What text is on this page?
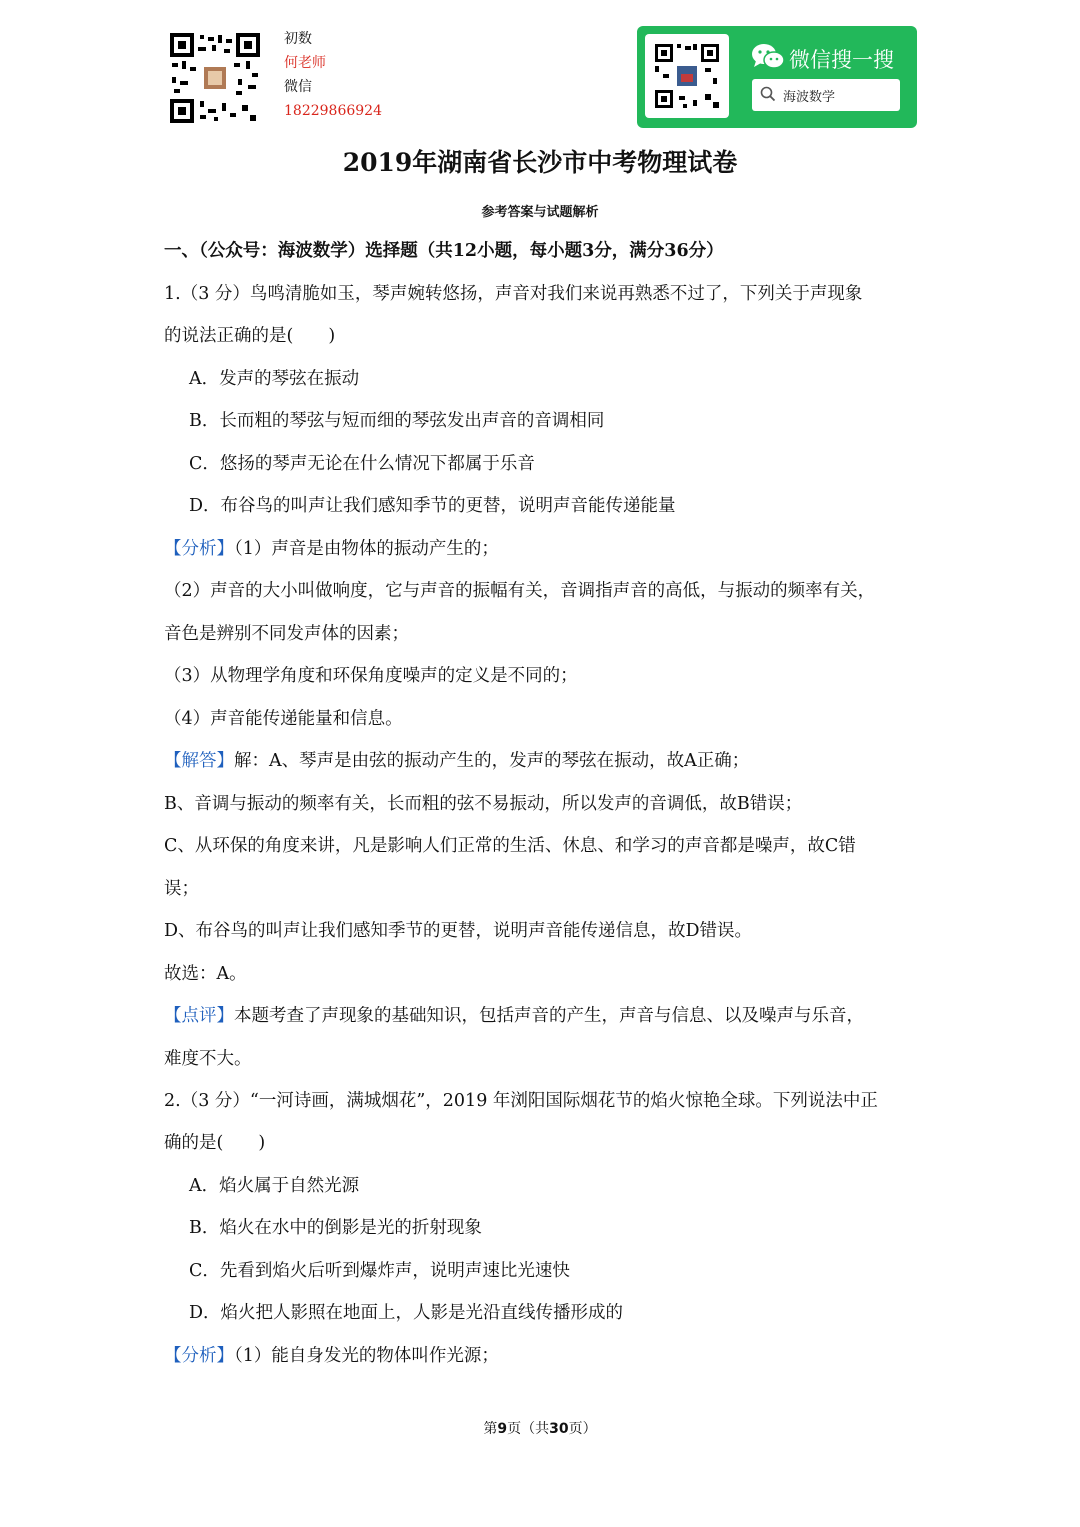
初数
何老师
微信
18229866924
微信搜一搜
海波数学
2019年湖南省长沙市中考物理试卷
参考答案与试题解析
一、（公众号：海波数学）选择题（共12小题，每小题3分，满分36分）
1.（3 分）鸟鸣清脆如玉，琴声婉转悠扬，声音对我们来说再熟悉不过了，下列关于声现象
的说法正确的是(　　)
A．发声的琴弦在振动
B．长而粗的琴弦与短而细的琴弦发出声音的音调相同
C．悠扬的琴声无论在什么情况下都属于乐音
D．布谷鸟的叫声让我们感知季节的更替，说明声音能传递能量
【分析】（1）声音是由物体的振动产生的；
（2）声音的大小叫做响度，它与声音的振幅有关，音调指声音的高低，与振动的频率有关，
音色是辨别不同发声体的因素；
（3）从物理学角度和环保角度噪声的定义是不同的；
（4）声音能传递能量和信息。
【解答】解：A、琴声是由弦的振动产生的，发声的琴弦在振动，故A正确；
B、音调与振动的频率有关，长而粗的弦不易振动，所以发声的音调低，故B错误；
C、从环保的角度来讲，凡是影响人们正常的生活、休息、和学习的声音都是噪声，故C错
误；
D、布谷鸟的叫声让我们感知季节的更替，说明声音能传递信息，故D错误。
故选：A。
【点评】本题考查了声现象的基础知识，包括声音的产生，声音与信息、以及噪声与乐音，
难度不大。
2.（3 分）“一河诗画，满城烟花”，2019 年浏阳国际烟花节的焰火惊艳全球。下列说法中正
确的是(　　)
A．焰火属于自然光源
B．焰火在水中的倒影是光的折射现象
C．先看到焰火后听到爆炸声，说明声速比光速快
D．焰火把人影照在地面上，人影是光沿直线传播形成的
【分析】（1）能自身发光的物体叫作光源；
第9页（共30页）
